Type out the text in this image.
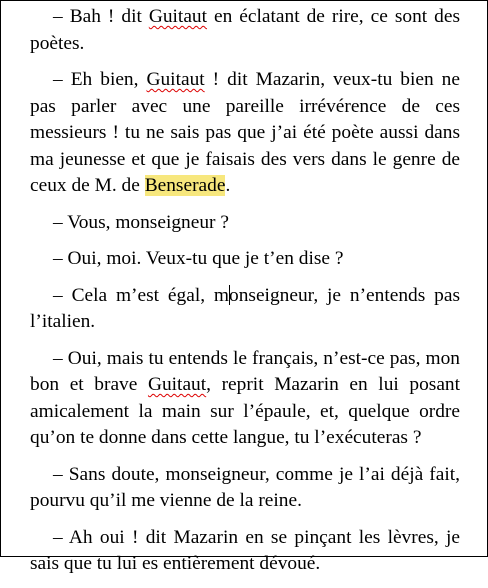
– Bah ! dit Guitaut en éclatant de rire, ce sont des poètes.

– Eh bien, Guitaut ! dit Mazarin, veux-tu bien ne pas parler avec une pareille irrévérence de ces messieurs ! tu ne sais pas que j’ai été poète aussi dans ma jeunesse et que je faisais des vers dans le genre de ceux de M. de Benserade.

– Vous, monseigneur ?

– Oui, moi. Veux-tu que je t’en dise ?

– Cela m’est égal, monseigneur, je n’entends pas l’italien.

– Oui, mais tu entends le français, n’est-ce pas, mon bon et brave Guitaut, reprit Mazarin en lui posant amicalement la main sur l’épaule, et, quelque ordre qu’on te donne dans cette langue, tu l’exécuteras ?

– Sans doute, monseigneur, comme je l’ai déjà fait, pourvu qu’il me vienne de la reine.

– Ah oui ! dit Mazarin en se pinçant les lèvres, je sais que tu lui es entièrement dévoué.
